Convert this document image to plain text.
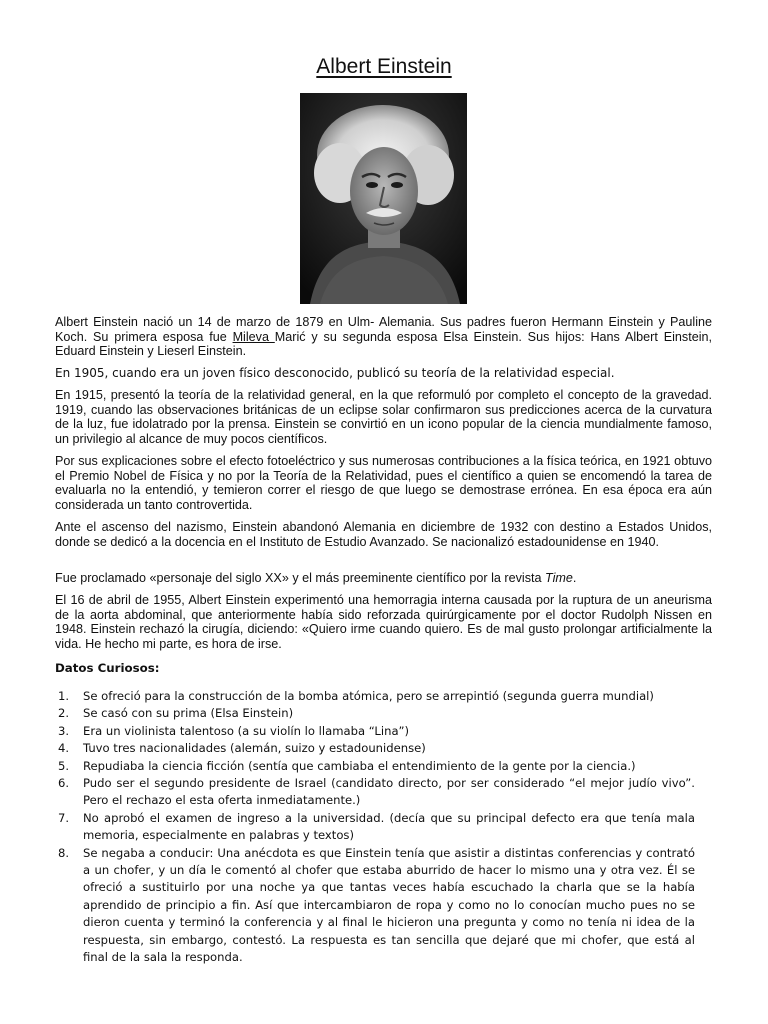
Albert Einstein

Albert Einstein nació un 14 de marzo de 1879 en Ulm- Alemania. Sus padres fueron Hermann Einstein y Pauline Koch. Su primera esposa fue Mileva Marić y su segunda esposa Elsa Einstein. Sus hijos: Hans Albert Einstein, Eduard Einstein y Lieserl Einstein.

En 1905, cuando era un joven físico desconocido, publicó su teoría de la relatividad especial.

En 1915, presentó la teoría de la relatividad general, en la que reformuló por completo el concepto de la gravedad. 1919, cuando las observaciones británicas de un eclipse solar confirmaron sus predicciones acerca de la curvatura de la luz, fue idolatrado por la prensa. Einstein se convirtió en un icono popular de la ciencia mundialmente famoso, un privilegio al alcance de muy pocos científicos.

Por sus explicaciones sobre el efecto fotoeléctrico y sus numerosas contribuciones a la física teórica, en 1921 obtuvo el Premio Nobel de Física y no por la Teoría de la Relatividad, pues el científico a quien se encomendó la tarea de evaluarla no la entendió, y temieron correr el riesgo de que luego se demostrase errónea. En esa época era aún considerada un tanto controvertida.

Ante el ascenso del nazismo, Einstein abandonó Alemania en diciembre de 1932 con destino a Estados Unidos, donde se dedicó a la docencia en el Instituto de Estudio Avanzado. Se nacionalizó estadounidense en 1940.

Fue proclamado «personaje del siglo XX» y el más preeminente científico por la revista Time.

El 16 de abril de 1955, Albert Einstein experimentó una hemorragia interna causada por la ruptura de un aneurisma de la aorta abdominal, que anteriormente había sido reforzada quirúrgicamente por el doctor Rudolph Nissen en 1948. Einstein rechazó la cirugía, diciendo: «Quiero irme cuando quiero. Es de mal gusto prolongar artificialmente la vida. He hecho mi parte, es hora de irse.

Datos Curiosos:
1. Se ofreció para la construcción de la bomba atómica, pero se arrepintió (segunda guerra mundial)
2. Se casó con su prima (Elsa Einstein)
3. Era un violinista talentoso (a su violín lo llamaba “Lina”)
4. Tuvo tres nacionalidades (alemán, suizo y estadounidense)
5. Repudiaba la ciencia ficción (sentía que cambiaba el entendimiento de la gente por la ciencia.)
6. Pudo ser el segundo presidente de Israel (candidato directo, por ser considerado “el mejor judío vivo”. Pero el rechazo el esta oferta inmediatamente.)
7. No aprobó el examen de ingreso a la universidad. (decía que su principal defecto era que tenía mala memoria, especialmente en palabras y textos)
8. Se negaba a conducir: Una anécdota es que Einstein tenía que asistir a distintas conferencias y contrató a un chofer, y un día le comentó al chofer que estaba aburrido de hacer lo mismo una y otra vez. Él se ofreció a sustituirlo por una noche ya que tantas veces había escuchado la charla que se la había aprendido de principio a fin. Así que intercambiaron de ropa y como no lo conocían mucho pues no se dieron cuenta y terminó la conferencia y al final le hicieron una pregunta y como no tenía ni idea de la respuesta, sin embargo, contestó. La respuesta es tan sencilla que dejaré que mi chofer, que está al final de la sala la responda.
